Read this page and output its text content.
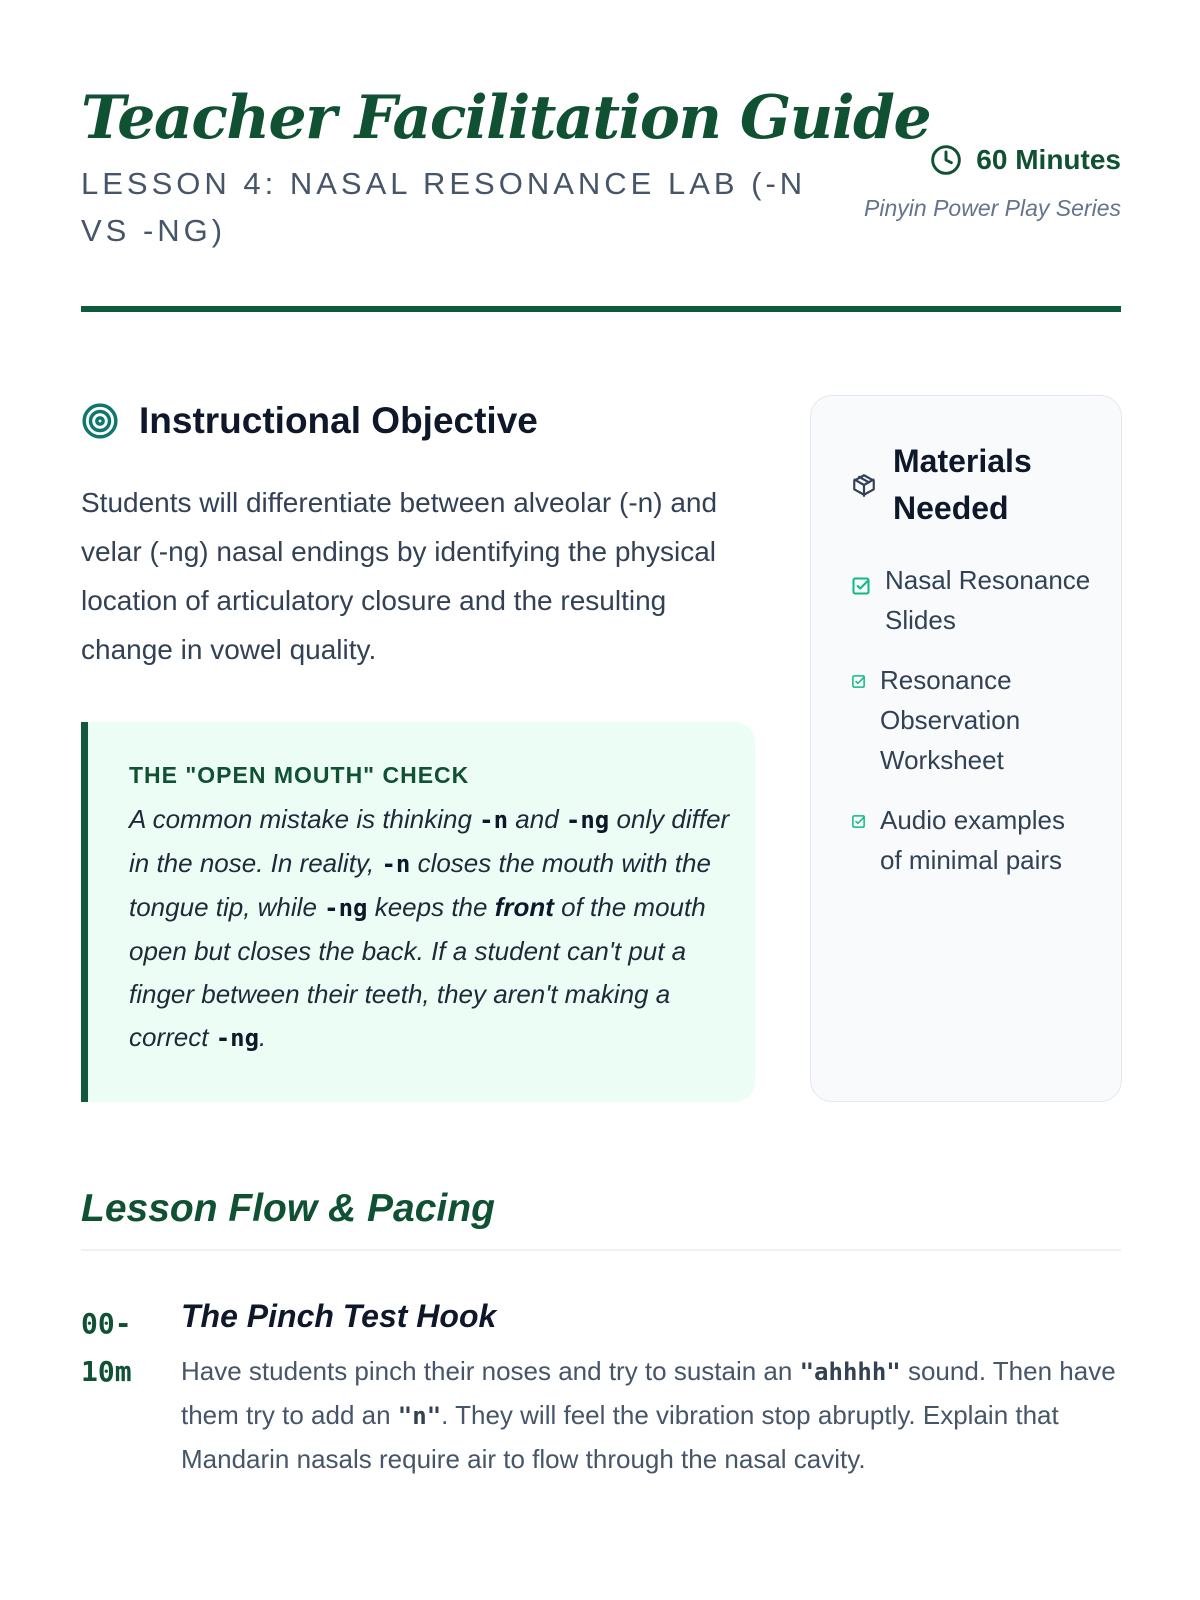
Teacher Facilitation Guide
LESSON 4: NASAL RESONANCE LAB (-N VS -NG)
60 Minutes
Pinyin Power Play Series
Instructional Objective

Students will differentiate between alveolar (-n) and velar (-ng) nasal endings by identifying the physical location of articulatory closure and the resulting change in vowel quality.

THE "OPEN MOUTH" CHECK

A common mistake is thinking -n and -ng only differ in the nose. In reality, -n closes the mouth with the tongue tip, while -ng keeps the front of the mouth open but closes the back. If a student can't put a finger between their teeth, they aren't making a correct -ng.

Materials Needed
Nasal Resonance Slides
Resonance Observation Worksheet
Audio examples of minimal pairs
Lesson Flow & Pacing
00-10m
The Pinch Test Hook

Have students pinch their noses and try to sustain an "ahhhh" sound. Then have them try to add an "n". They will feel the vibration stop abruptly. Explain that Mandarin nasals require air to flow through the nasal cavity.
